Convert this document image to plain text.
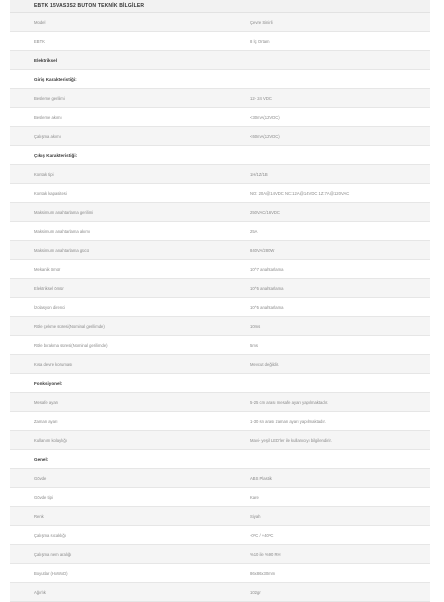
EBTK 15VAS3S2 BUTON TEKNİK BİLGİLER
Model	Çevre Sinirli
EBTK	8 İç Ortam
Elektriksel	
Giriş Karakteristiği:	
Besleme gerilimi	12- 24 VDC
Besleme akımı	<30mA(12VDC)
Çalışma akımı	<60mA(12VDC)
Çıkış Karakteristiği:	
Kontak tipi	1H/1Z/1B
Kontak kapasitesi	NO: 20A@14VDC NC:12A@14VDC 1Z:7A@120VAC
Maksimum anahtarlama gerilimi	250VAC/16VDC
Maksimum anahtarlama akımı	25A
Maksimum anahtarlama gücü	840VA/280W
Mekanik ömür	10^7 anahtarlama
Elektriksel ömür	10^5 anahtarlama
İzolasyon direnci	10^5 anahtarlama
Röle çekme süresi(Nominal gerilimde)	10ms
Röle bırakma süresi(Nominal gerilimde)	5ms
Kısa devre koruması	Mevcut değildir.
Fonksiyonel:	
Mesafe ayarı	5-25 cm arası mesafe ayarı yapılmaktadır.
Zaman ayarı	1-30 sn arası zaman ayarı yapılmaktadır.
Kullanım kolaylığı	Mavi- yeşil LED'ler ile kullanıcıyı bilgilendirir.
Genel:	
Gövde	ABS Plastik
Gövde tipi	Kare
Renk	Siyah
Çalışma sıcaklığı	-0ºC / +40ºC
Çalışma nem aralığı	%10 ile %90 RH
Boyutlar (HxWxD)	86x86x30mm
Ağırlık	102gr
